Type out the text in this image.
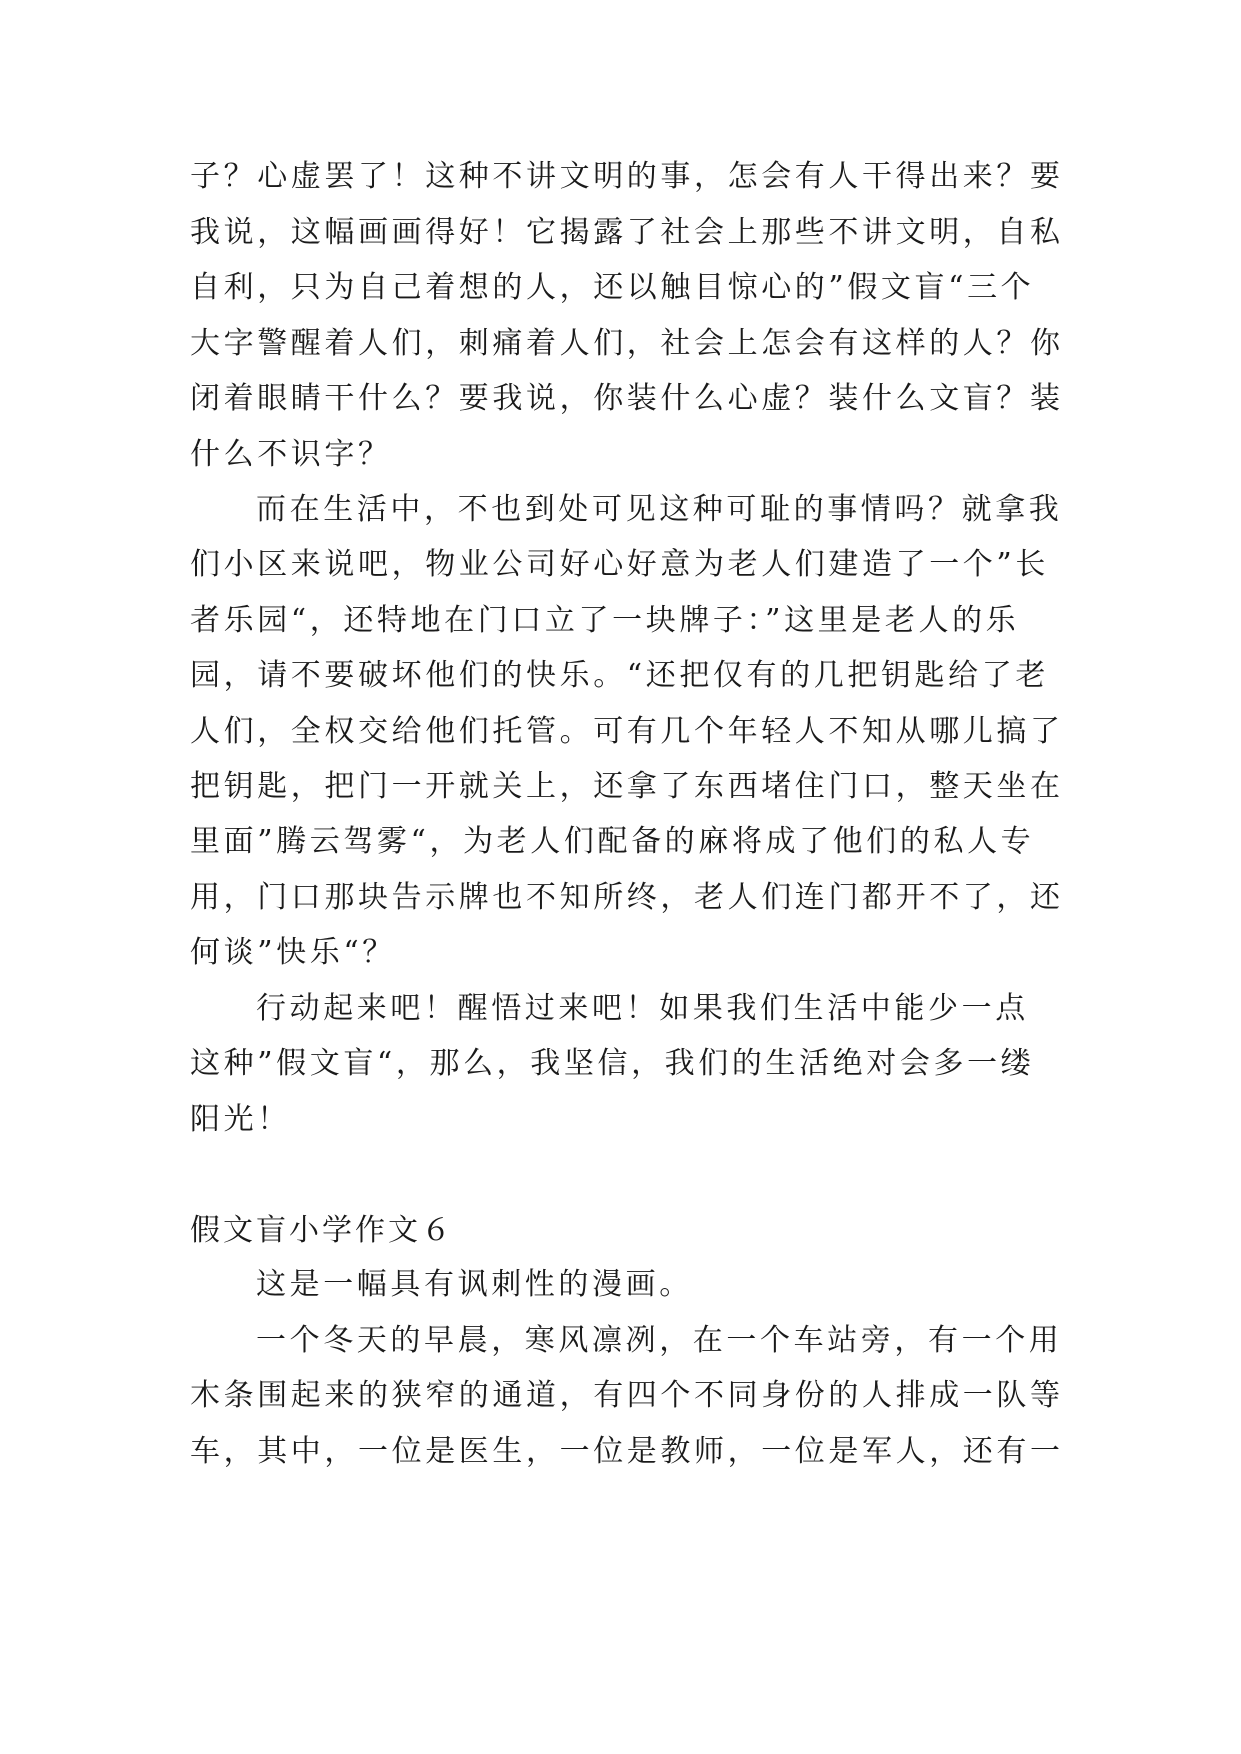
子？心虚罢了！这种不讲文明的事，怎会有人干得出来？要
我说，这幅画画得好！它揭露了社会上那些不讲文明，自私
自利，只为自己着想的人，还以触目惊心的”假文盲“三个
大字警醒着人们，刺痛着人们，社会上怎会有这样的人？你
闭着眼睛干什么？要我说，你装什么心虚？装什么文盲？装
什么不识字？
而在生活中，不也到处可见这种可耻的事情吗？就拿我
们小区来说吧，物业公司好心好意为老人们建造了一个”长
者乐园“，还特地在门口立了一块牌子：”这里是老人的乐
园，请不要破坏他们的快乐。“还把仅有的几把钥匙给了老
人们，全权交给他们托管。可有几个年轻人不知从哪儿搞了
把钥匙，把门一开就关上，还拿了东西堵住门口，整天坐在
里面”腾云驾雾“，为老人们配备的麻将成了他们的私人专
用，门口那块告示牌也不知所终，老人们连门都开不了，还
何谈”快乐“？
行动起来吧！醒悟过来吧！如果我们生活中能少一点
这种”假文盲“，那么，我坚信，我们的生活绝对会多一缕
阳光！
假文盲小学作文６
这是一幅具有讽刺性的漫画。
一个冬天的早晨，寒风凛冽，在一个车站旁，有一个用
木条围起来的狭窄的通道，有四个不同身份的人排成一队等
车，其中，一位是医生，一位是教师，一位是军人，还有一
